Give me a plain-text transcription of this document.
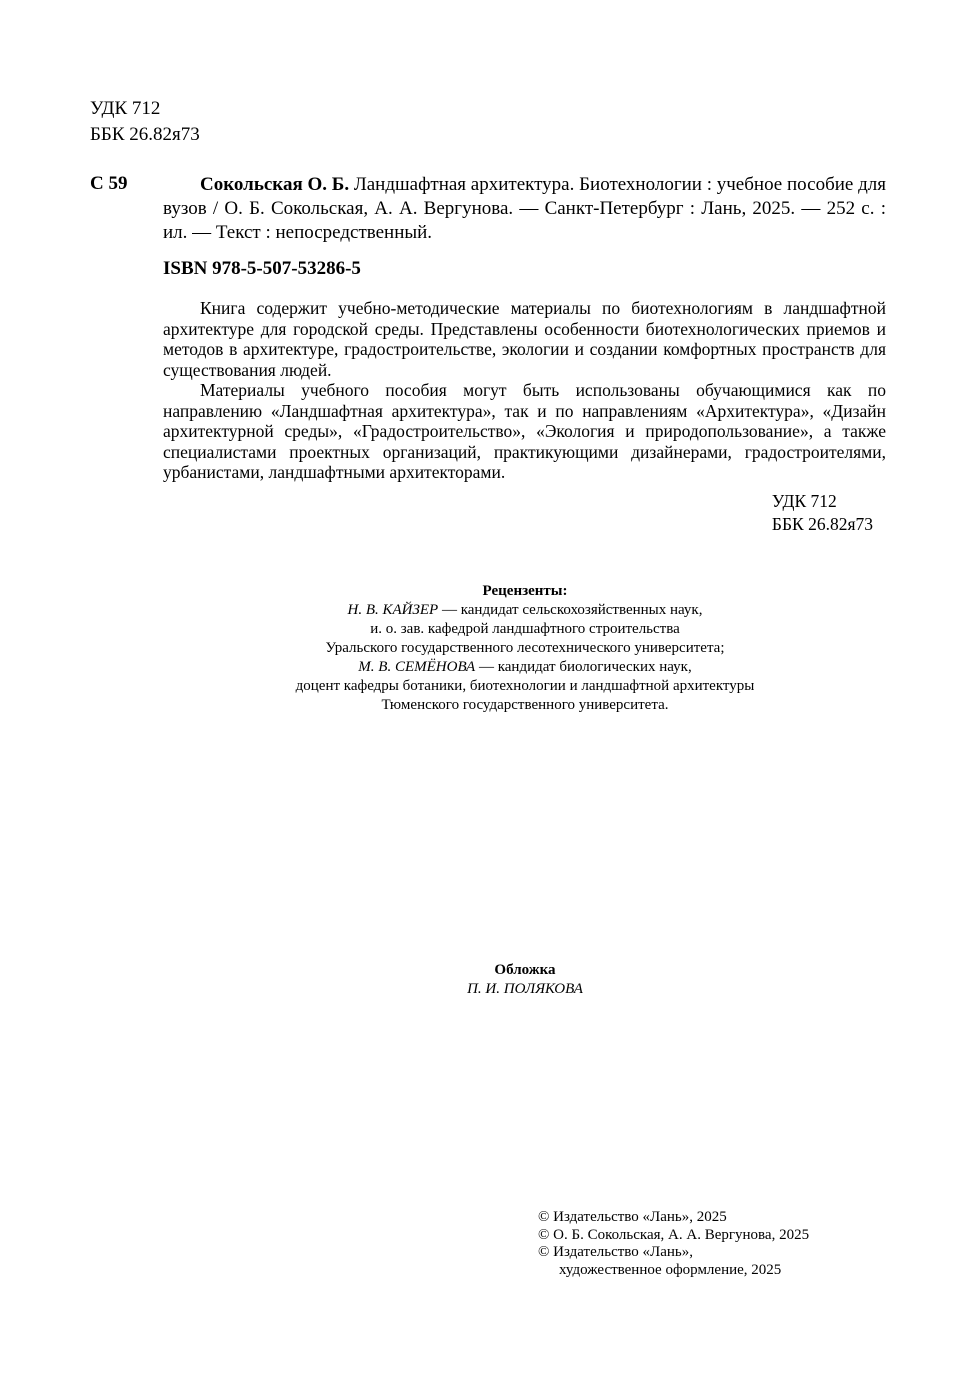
УДК 712
ББК 26.82я73
С 59	Сокольская О. Б. Ландшафтная архитектура. Биотехнологии : учебное пособие для вузов / О. Б. Сокольская, А. А. Вергунова. — Санкт-Петербург : Лань, 2025. — 252 с. : ил. — Текст : непосредственный.
ISBN 978-5-507-53286-5

Книга содержит учебно-методические материалы по биотехнологиям в ландшафтной архитектуре для городской среды. Представлены особенности биотехнологических приемов и методов в архитектуре, градостроительстве, экологии и создании комфортных пространств для существования людей.

Материалы учебного пособия могут быть использованы обучающимися как по направлению «Ландшафтная архитектура», так и по направлениям «Архитектура», «Дизайн архитектурной среды», «Градостроительство», «Экология и природопользование», а также специалистами проектных организаций, практикующими дизайнерами, градостроителями, урбанистами, ландшафтными архитекторами.

УДК 712
ББК 26.82я73
Рецензенты:
Н. В. КАЙЗЕР — кандидат сельскохозяйственных наук,
и. о. зав. кафедрой ландшафтного строительства
Уральского государственного лесотехнического университета;
М. В. СЕМЁНОВА — кандидат биологических наук,
доцент кафедры ботаники, биотехнологии и ландшафтной архитектуры
Тюменского государственного университета.
Обложка
П. И. ПОЛЯКОВА
© Издательство «Лань», 2025
© О. Б. Сокольская, А. А. Вергунова, 2025
© Издательство «Лань»,
художественное оформление, 2025
